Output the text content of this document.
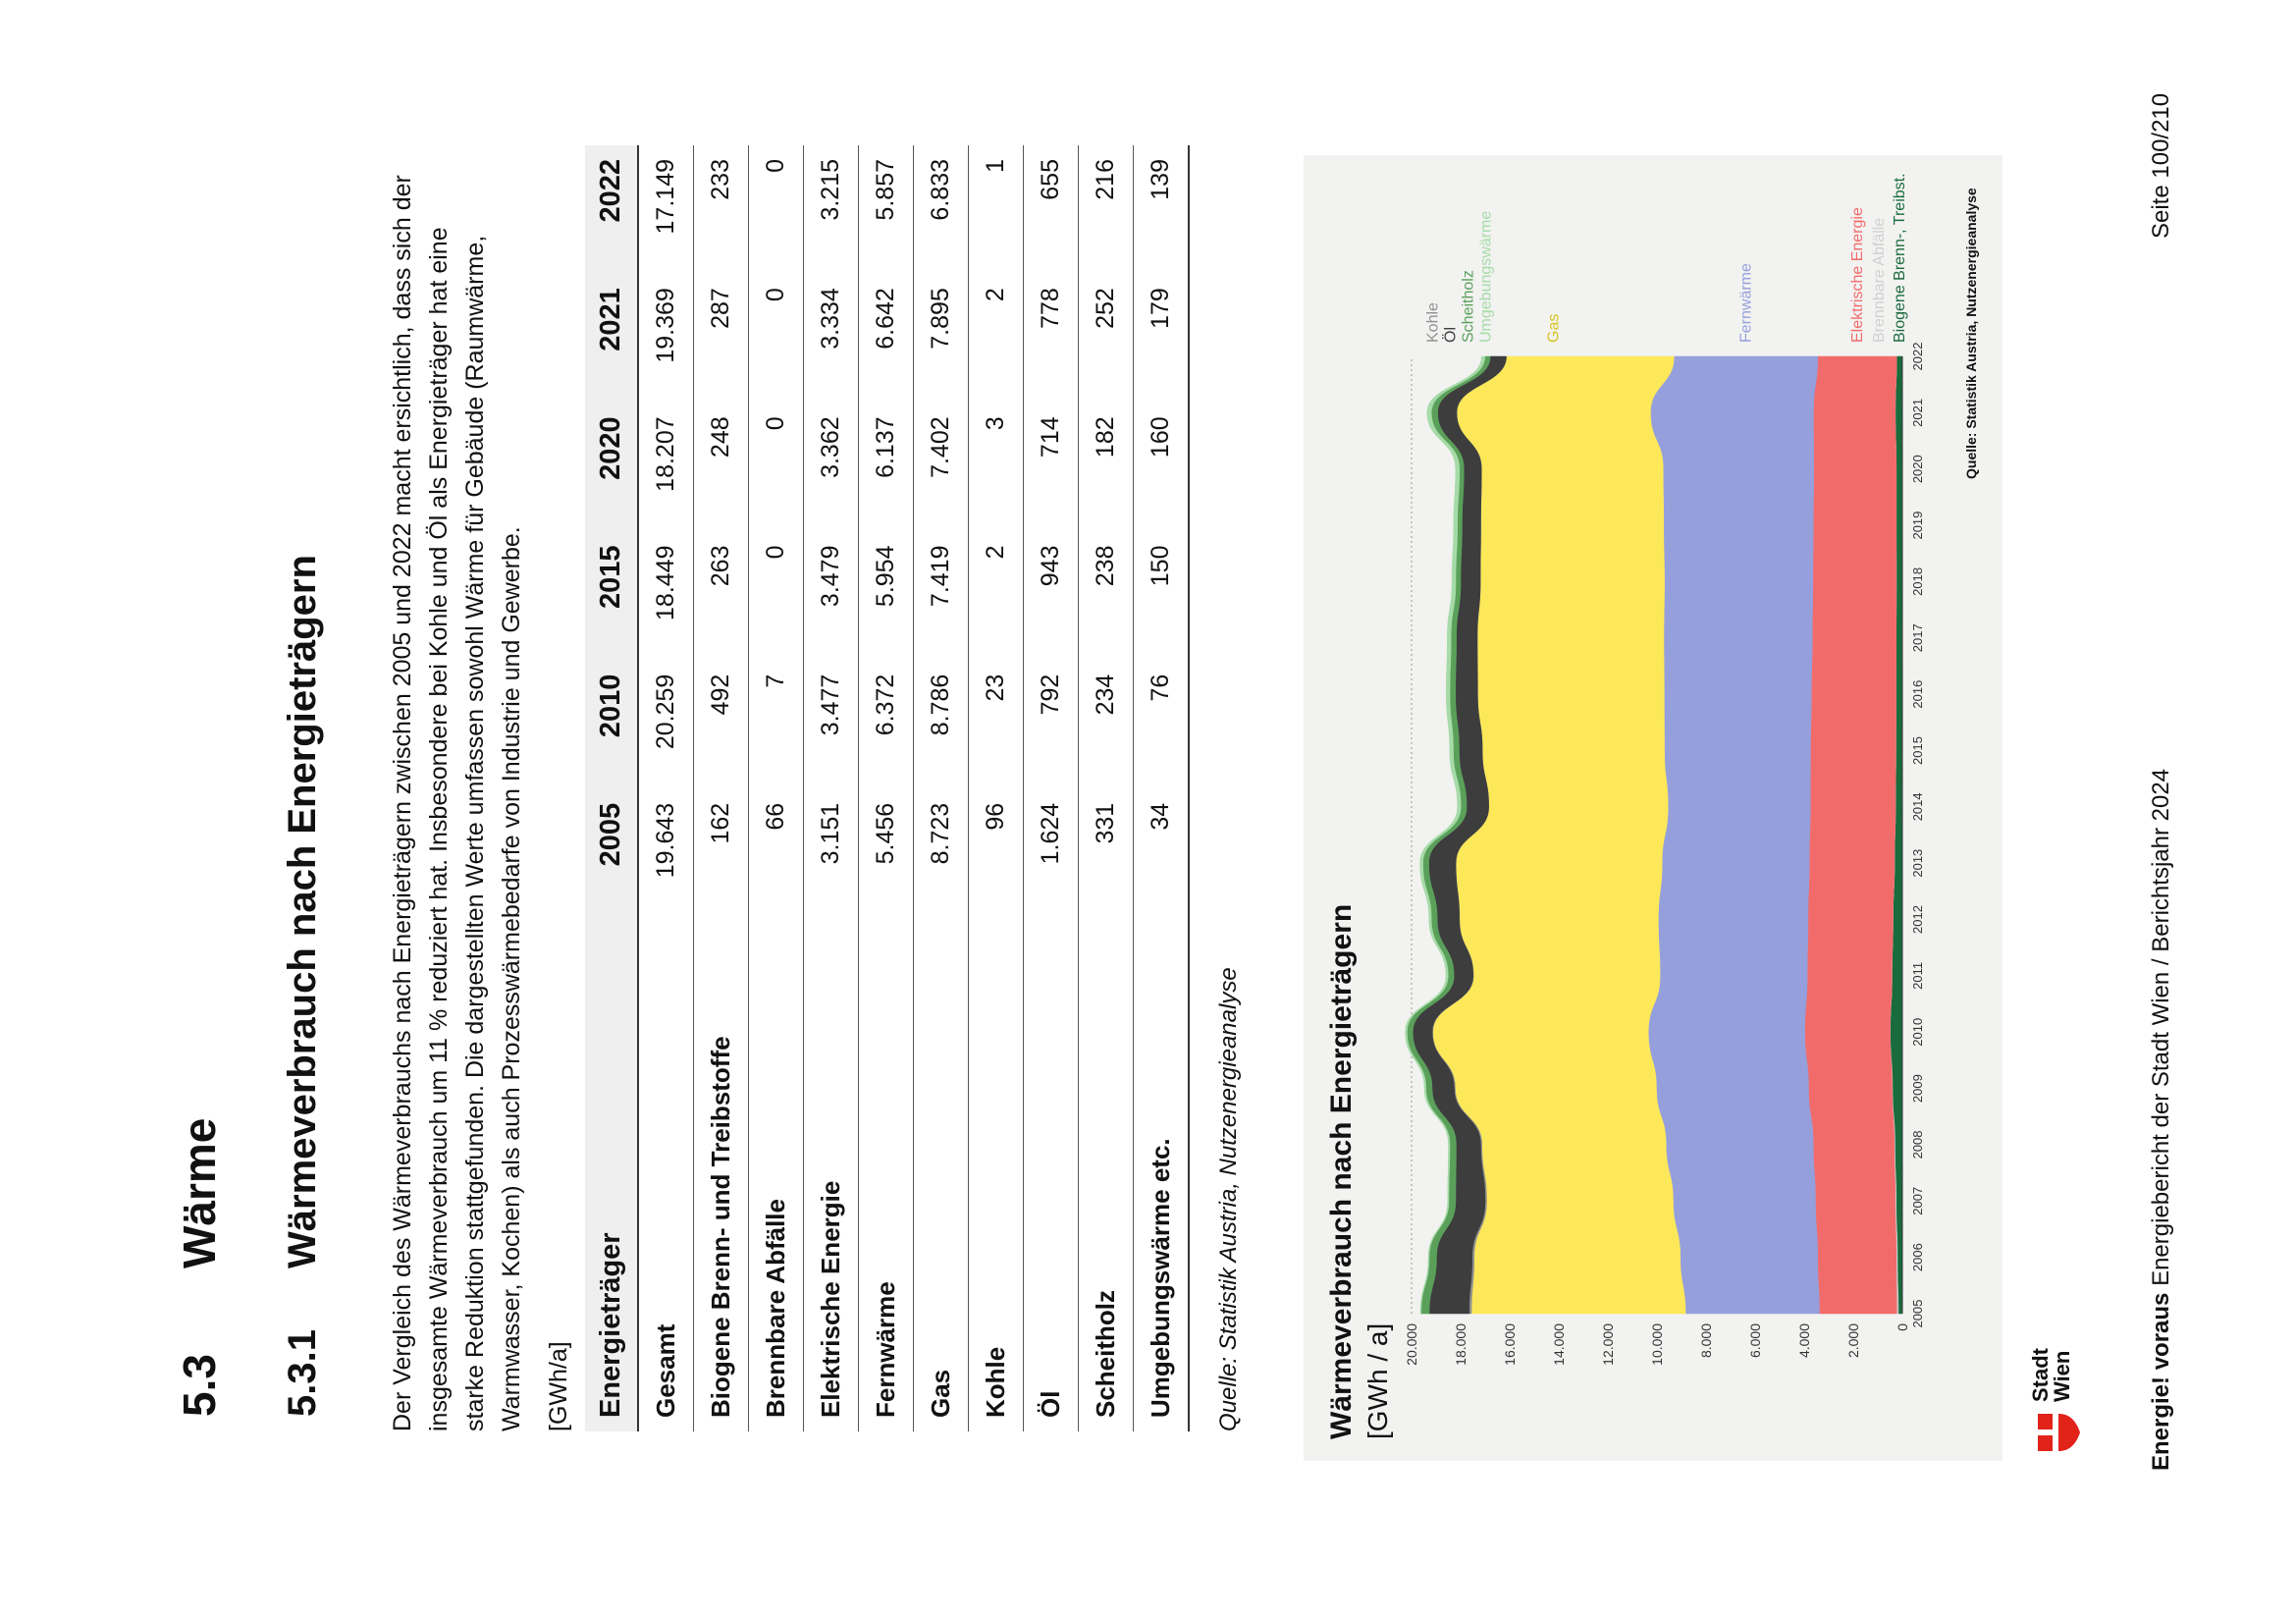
5.3
Wärme
5.3.1
Wärmeverbrauch nach Energieträgern	Der Vergleich des Wärmeverbrauchs nach Energieträgern zwischen 2005 und 2022 macht ersichtlich, dass sich der insgesamte Wärmeverbrauch um 11 % reduziert hat. Insbesondere bei Kohle und Öl als Energieträger hat eine starke Reduktion stattgefunden. Die dargestellten Werte umfassen sowohl Wärme für Gebäude (Raumwärme, Warmwasser, Kochen) als auch Prozesswärmebedarfe von Industrie und Gewerbe. [GWh/a] Energieträger	2005	2010	2015	2020	2021	2022
Gesamt	19.643	20.259	18.449	18.207	19.369	17.149
Biogene Brenn- und Treibstoffe	162	492	263	248	287	233
Brennbare Abfälle	66	7	0	0	0	0
Elektrische Energie	3.151	3.477	3.479	3.362	3.334	3.215
Fernwärme	5.456	6.372	5.954	6.137	6.642	5.857
Gas	8.723	8.786	7.419	7.402	7.895	6.833
Kohle	96	23	2	3	2	1
Öl	1.624	792	943	714	778	655
Scheitholz	331	234	238	182	252	216
Umgebungswärme etc.	34	76	150	160	179	139
Quelle: Statistik Austria, Nutzenergieanalyse	Wärmeverbrauch nach Energieträgern [GWh / a]	0
2.000
4.000
6.000
8.000
10.000
12.000
14.000
16.000
18.000
20.000
2005
2006
2007
2008
2009
2010
2011
2012
2013
2014
2015
2016
2017
2018
2019
2020
2021
2022
Biogene Brenn-, Treibst.
Brennbare Abfälle
Elektrische Energie
Fernwärme
Gas
Kohle Öl Scheitholz Umgebungswärme	Quelle: Statistik Austria, Nutzenergieanalyse
Stadt
Wien	Energie! voraus Energiebericht der Stadt Wien / Berichtsjahr 2024
Seite 100/210
